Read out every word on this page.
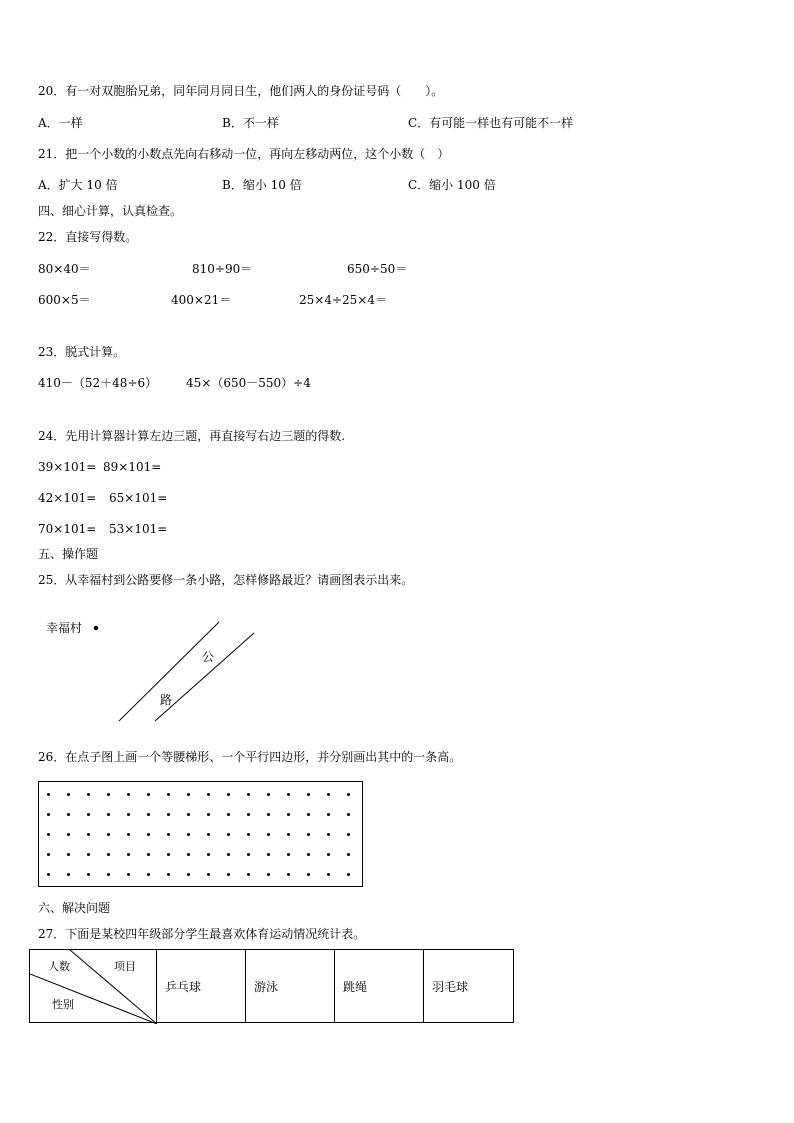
20．有一对双胞胎兄弟，同年同月同日生，他们两人的身份证号码（　　）。
A．一样	B．不一样	C．有可能一样也有可能不一样
21．把一个小数的小数点先向右移动一位，再向左移动两位，这个小数（　）
A．扩大 10 倍	B．缩小 10 倍	C．缩小 100 倍
四、细心计算，认真检查。
22．直接写得数。
80×40＝	810÷90＝	650÷50＝
600×5＝	400×21＝	25×4÷25×4＝
23．脱式计算。
410－（52＋48÷6） 45×（650－550）÷4
24．先用计算器计算左边三题，再直接写右边三题的得数.
39×101= 89×101=
42×101= 65×101=
70×101= 53×101=
五、操作题
25．从幸福村到公路要修一条小路，怎样修路最近？请画图表示出来。
幸福村
公
路
26．在点子图上画一个等腰梯形、一个平行四边形，并分别画出其中的一条高。
六、解决问题
27．下面是某校四年级部分学生最喜欢体育运动情况统计表。
人数	项目
性别
	乒乓球	游泳	跳绳	羽毛球
